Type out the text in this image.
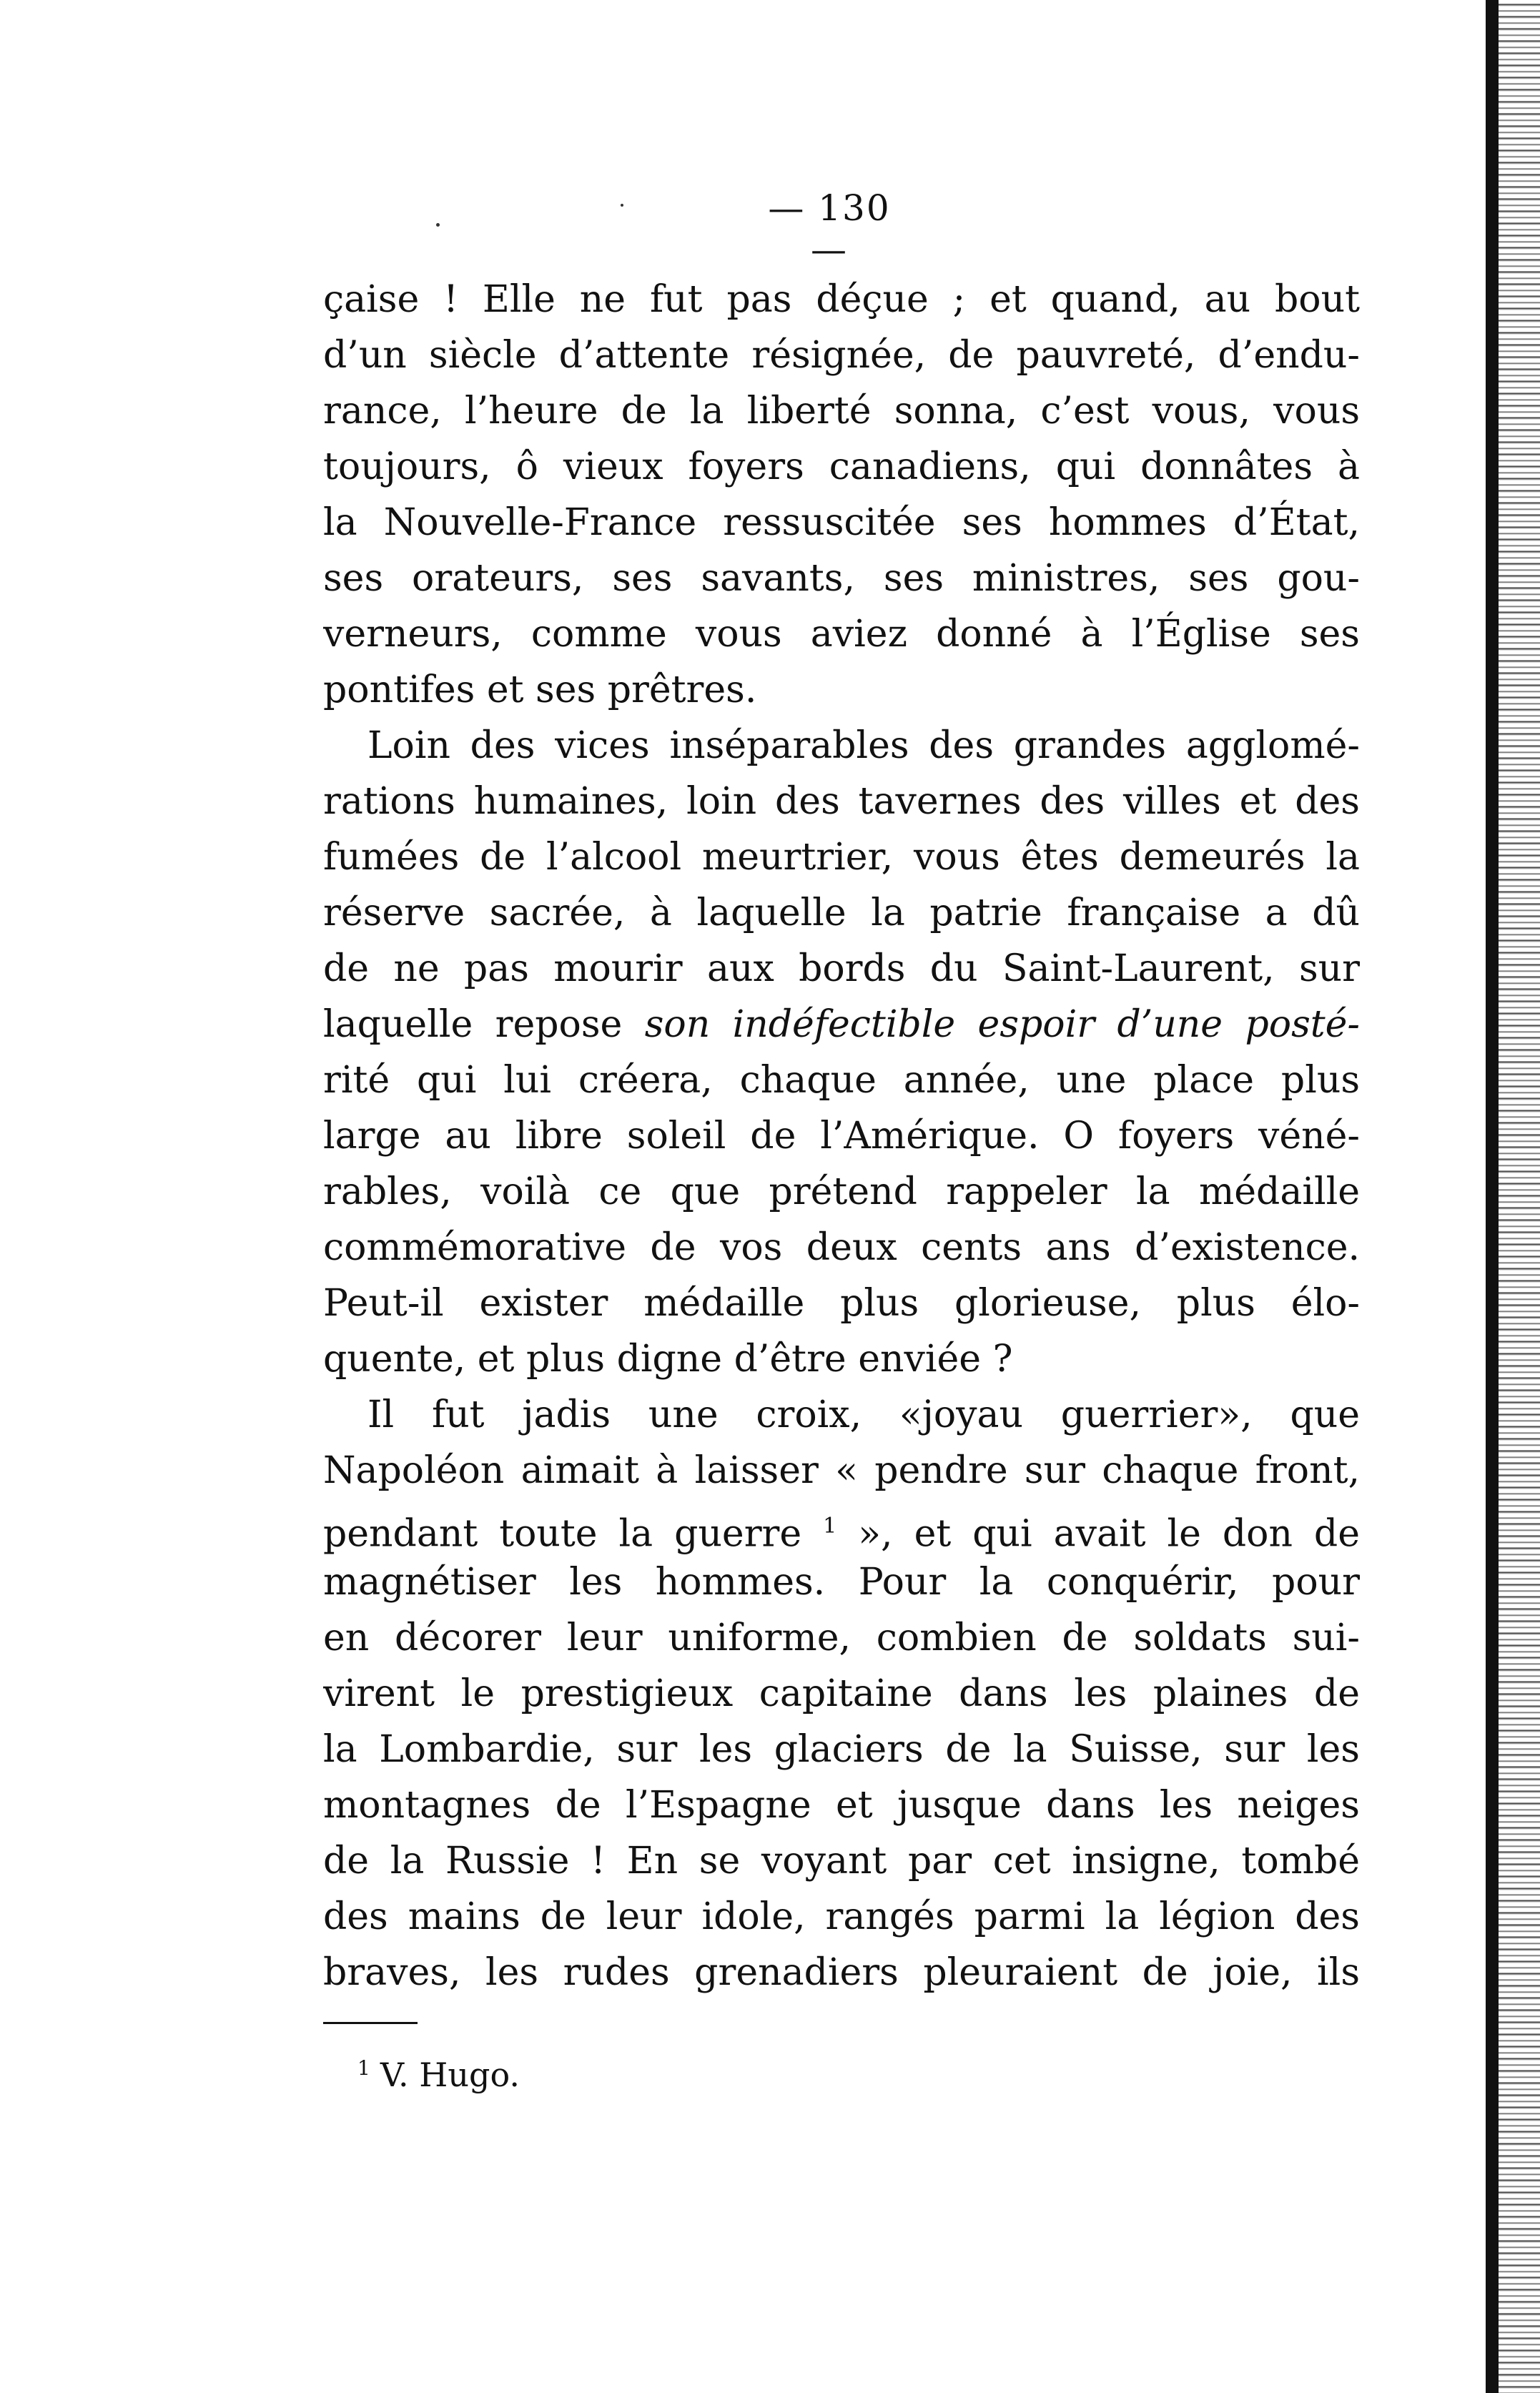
— 130 —
çaise ! Elle ne fut pas déçue ; et quand, au bout
d’un siècle d’attente résignée, de pauvreté, d’endu-
rance, l’heure de la liberté sonna, c’est vous, vous
toujours, ô vieux foyers canadiens, qui donnâtes à
la Nouvelle-France ressuscitée ses hommes d’État,
ses orateurs, ses savants, ses ministres, ses gou-
verneurs, comme vous aviez donné à l’Église ses
pontifes et ses prêtres.
Loin des vices inséparables des grandes agglomé-
rations humaines, loin des tavernes des villes et des
fumées de l’alcool meurtrier, vous êtes demeurés la
réserve sacrée, à laquelle la patrie française a dû
de ne pas mourir aux bords du Saint-Laurent, sur
laquelle repose son indéfectible espoir d’une posté-
rité qui lui créera, chaque année, une place plus
large au libre soleil de l’Amérique. O foyers véné-
rables, voilà ce que prétend rappeler la médaille
commémorative de vos deux cents ans d’existence.
Peut-il exister médaille plus glorieuse, plus élo-
quente, et plus digne d’être enviée ?
Il fut jadis une croix, «joyau guerrier», que
Napoléon aimait à laisser « pendre sur chaque front,
pendant toute la guerre $^1$ », et qui avait le don de
magnétiser les hommes. Pour la conquérir, pour
en décorer leur uniforme, combien de soldats sui-
virent le prestigieux capitaine dans les plaines de
la Lombardie, sur les glaciers de la Suisse, sur les
montagnes de l’Espagne et jusque dans les neiges
de la Russie ! En se voyant par cet insigne, tombé
des mains de leur idole, rangés parmi la légion des
braves, les rudes grenadiers pleuraient de joie, ils
$^1$ V. Hugo.
